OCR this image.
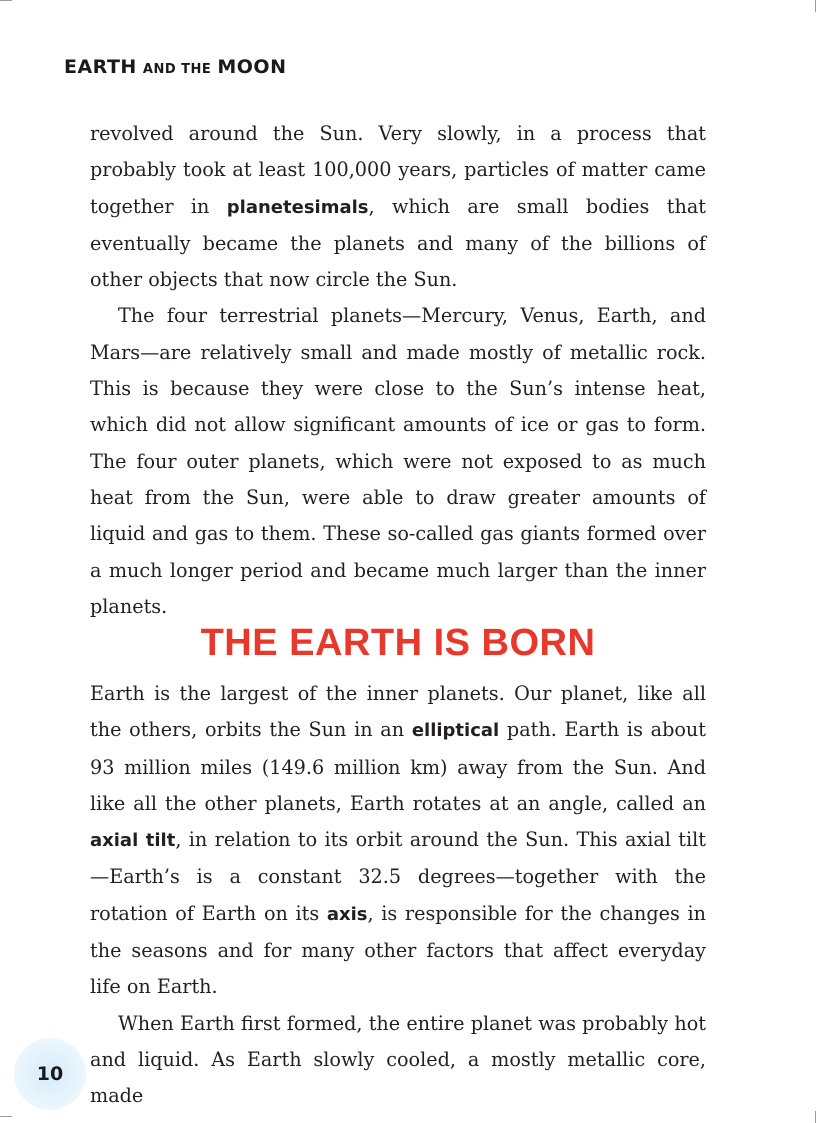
EARTH AND THE MOON

revolved around the Sun. Very slowly, in a process that probably took at least 100,000 years, particles of matter came together in planetesimals, which are small bodies that eventually became the planets and many of the billions of other objects that now circle the Sun.

The four terrestrial planets—Mercury, Venus, Earth, and Mars—are relatively small and made mostly of metallic rock. This is because they were close to the Sun’s intense heat, which did not allow significant amounts of ice or gas to form. The four outer planets, which were not exposed to as much heat from the Sun, were able to draw greater amounts of liquid and gas to them. These so-called gas giants formed over a much longer period and became much larger than the inner planets.

THE EARTH IS BORN

Earth is the largest of the inner planets. Our planet, like all the others, orbits the Sun in an elliptical path. Earth is about 93 million miles (149.6 million km) away from the Sun. And like all the other planets, Earth rotates at an angle, called an axial tilt, in relation to its orbit around the Sun. This axial tilt—Earth’s is a constant 32.5 degrees—together with the rotation of Earth on its axis, is responsible for the changes in the seasons and for many other factors that affect everyday life on Earth.

When Earth first formed, the entire planet was probably hot and liquid. As Earth slowly cooled, a mostly metallic core, made

10
